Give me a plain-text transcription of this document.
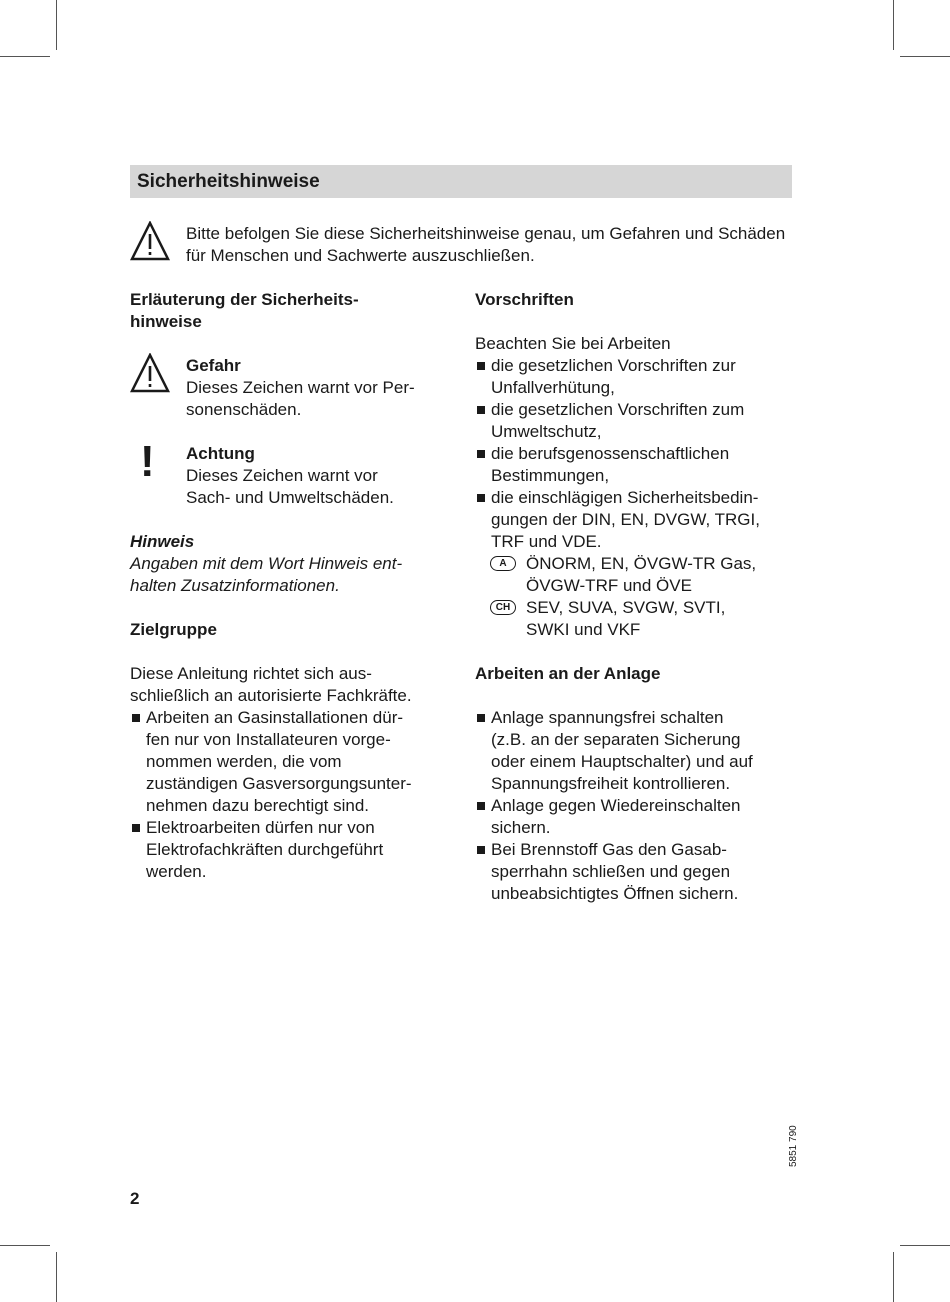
Sicherheitshinweise

Bitte befolgen Sie diese Sicherheitshinweise genau, um Gefahren und Schäden für Menschen und Sachwerte auszuschließen.

Erläuterung der Sicherheits-
hinweise

Gefahr

Dieses Zeichen warnt vor Per-

sonenschäden.

! Achtung

Dieses Zeichen warnt vor

Sach- und Umweltschäden.

Hinweis

Angaben mit dem Wort Hinweis ent-

halten Zusatzinformationen.

Zielgruppe

Diese Anleitung richtet sich aus-

schließlich an autorisierte Fachkräfte.

Arbeiten an Gasinstallationen dür-
fen nur von Installateuren vorge-
nommen werden, die vom
zuständigen Gasversorgungsunter-
nehmen dazu berechtigt sind.
Elektroarbeiten dürfen nur von
Elektrofachkräften durchgeführt
werden.
Vorschriften

Beachten Sie bei Arbeiten

die gesetzlichen Vorschriften zur
Unfallverhütung,
die gesetzlichen Vorschriften zum
Umweltschutz,
die berufsgenossenschaftlichen
Bestimmungen,
die einschlägigen Sicherheitsbedin-
gungen der DIN, EN, DVGW, TRGI,
TRF und VDE.
A	ÖNORM, EN, ÖVGW-TR Gas,
ÖVGW-TRF und ÖVE
CH SEV, SUVA, SVGW, SVTI,
SWKI und VKF
Arbeiten an der Anlage
Anlage spannungsfrei schalten
(z.B. an der separaten Sicherung
oder einem Hauptschalter) und auf
Spannungsfreiheit kontrollieren.
Anlage gegen Wiedereinschalten
sichern.
Bei Brennstoff Gas den Gasab-
sperrhahn schließen und gegen
unbeabsichtigtes Öffnen sichern.
5851 790
2
